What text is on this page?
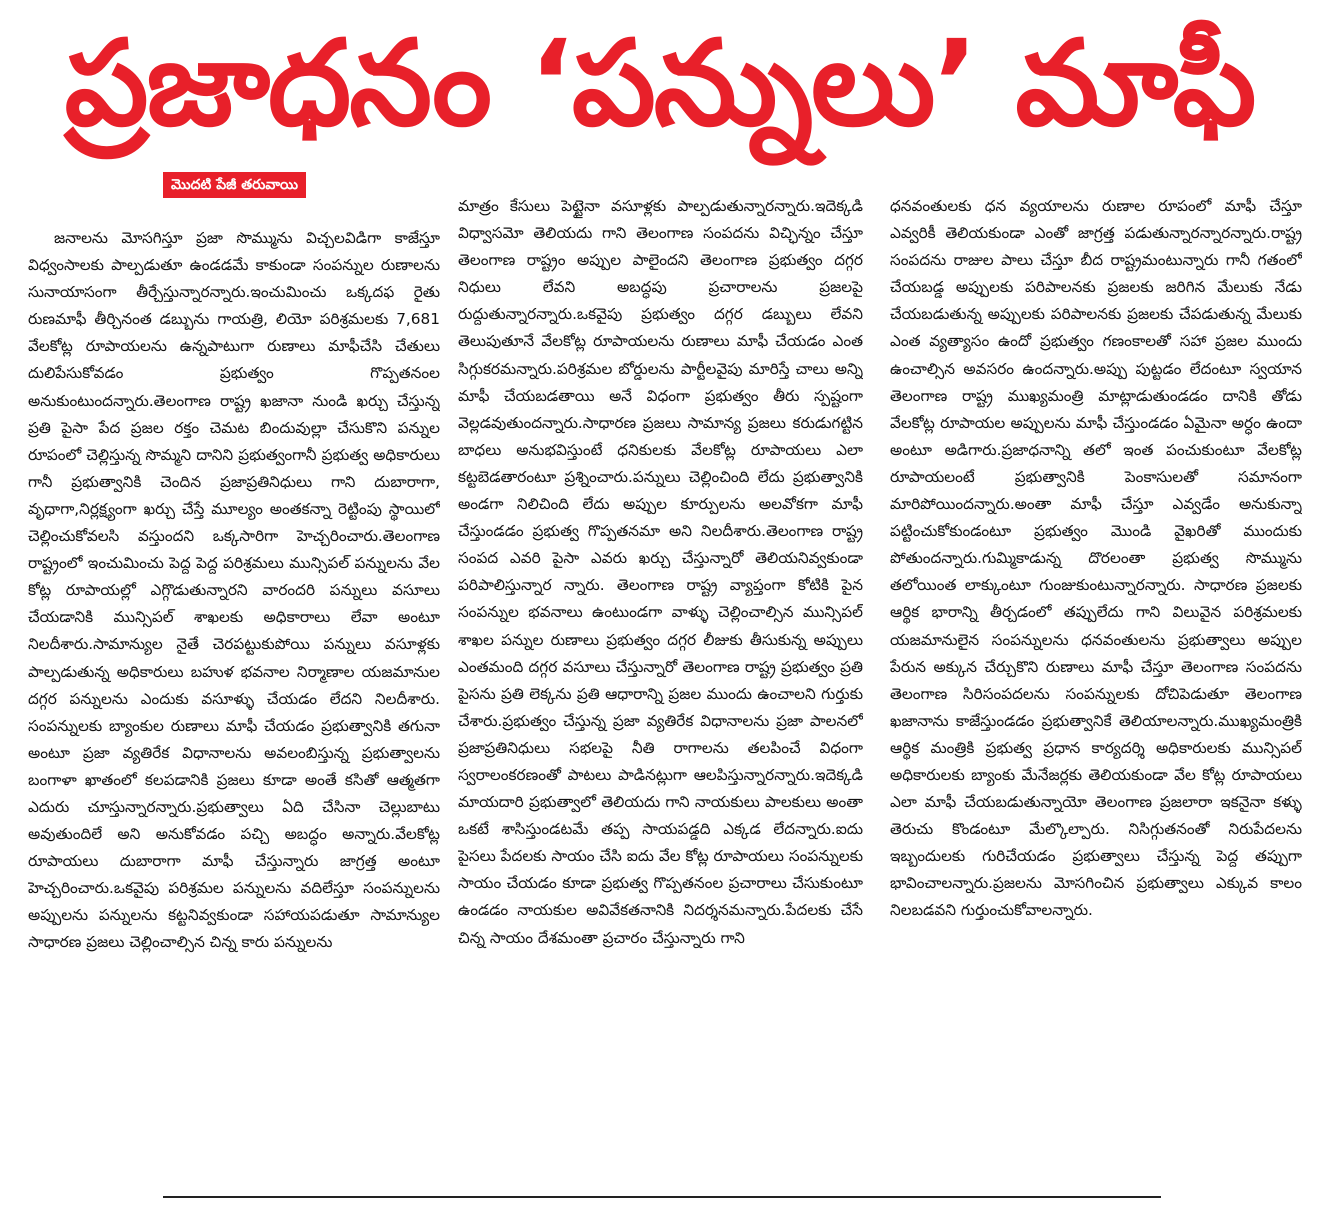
ప్రజాధనం ‘పన్నులు’ మాఫీ
మొదటి పేజీ తరువాయి

జనాలను మోసగిస్తూ ప్రజా సొమ్మును విచ్చలవిడిగా కాజేస్తూ విధ్వంసాలకు పాల్పడుతూ ఉండడమే కాకుండా సంపన్నుల రుణాలను సునాయాసంగా తీర్చేస్తున్నారన్నారు.ఇంచుమించు ఒక్కదఫ రైతు రుణమాఫీ తీర్చినంత డబ్బును గాయత్రి, లియో పరిశ్రమలకు 7,681 వేలకోట్ల రూపాయలను ఉన్నపాటుగా రుణాలు మాఫీచేసి చేతులు దులిపేసుకోవడం ప్రభుత్వం గొప్పతనంల అనుకుంటుందన్నారు.తెలంగాణ రాష్ట్ర ఖజానా నుండి ఖర్చు చేస్తున్న ప్రతి పైసా పేద ప్రజల రక్తం చెమట బిందువుల్లా చేసుకొని పన్నుల రూపంలో చెల్లిస్తున్న సొమ్మని దానిని ప్రభుత్వంగానీ ప్రభుత్వ అధికారులు గానీ ప్రభుత్వానికి చెందిన ప్రజాప్రతినిధులు గాని దుబారాగా, వృధాగా,నిర్లక్ష్యంగా ఖర్చు చేస్తే మూల్యం అంతకన్నా రెట్టింపు స్థాయిలో చెల్లించుకోవలసి వస్తుందని ఒక్కసారిగా హెచ్చరించారు.తెలంగాణ రాష్ట్రంలో ఇంచుమించు పెద్ద పెద్ద పరిశ్రమలు మున్సిపల్ పన్నులను వేల కోట్ల రూపాయల్లో ఎగ్గొడుతున్నారని వారందరి పన్నులు వసూలు చేయడానికి మున్సిపల్ శాఖలకు అధికారాలు లేవా అంటూ నిలదీశారు.సామాన్యుల నైతే చెరపట్టుకుపోయి పన్నులు వసూళ్లకు పాల్పడుతున్న అధికారులు బహుళ భవనాల నిర్మాణాల యజమానుల దగ్గర పన్నులను ఎందుకు వసూళ్ళు చేయడం లేదని నిలదీశారు. సంపన్నులకు బ్యాంకుల రుణాలు మాఫీ చేయడం ప్రభుత్వానికి తగునా అంటూ ప్రజా వ్యతిరేక విధానాలను అవలంబిస్తున్న ప్రభుత్వాలను బంగాళా ఖాతంలో కలపడానికి ప్రజలు కూడా అంతే కసితో ఆత్మతగా ఎదురు చూస్తున్నారన్నారు.ప్రభుత్వాలు ఏది చేసినా చెల్లుబాటు అవుతుందిలే అని అనుకోవడం పచ్చి అబద్ధం అన్నారు.వేలకోట్ల రూపాయలు దుబారాగా మాఫీ చేస్తున్నారు జాగ్రత్త అంటూ హెచ్చరించారు.ఒకవైపు పరిశ్రమల పన్నులను వదిలేస్తూ సంపన్నులను అప్పులను పన్నులను కట్టనివ్వకుండా సహాయపడుతూ సామాన్యుల సాధారణ ప్రజలు చెల్లించాల్సిన చిన్న కారు పన్నులను

మాత్రం కేసులు పెట్టైనా వసూళ్లకు పాల్పడుతున్నారన్నారు.ఇదెక్కడి విధ్వాసమో తెలియదు గాని తెలంగాణ సంపదను విచ్ఛిన్నం చేస్తూ తెలంగాణ రాష్ట్రం అప్పుల పాలైందని తెలంగాణ ప్రభుత్వం దగ్గర నిధులు లేవని అబద్ధపు ప్రచారాలను ప్రజలపై రుద్దుతున్నారన్నారు.ఒకవైపు ప్రభుత్వం దగ్గర డబ్బులు లేవని తెలుపుతూనే వేలకోట్ల రూపాయలను రుణాలు మాఫీ చేయడం ఎంత సిగ్గుకరమన్నారు.పరిశ్రమల బోర్డులను పార్టీలవైపు మారిస్తే చాలు అన్ని మాఫీ చేయబడతాయి అనే విధంగా ప్రభుత్వం తీరు స్పష్టంగా వెల్లడవుతుందన్నారు.సాధారణ ప్రజలు సామాన్య ప్రజలు కరుడుగట్టిన బాధలు అనుభవిస్తుంటే ధనికులకు వేలకోట్ల రూపాయలు ఎలా కట్టబెడతారంటూ ప్రశ్నించారు.పన్నులు చెల్లించింది లేదు ప్రభుత్వానికి అండగా నిలిచింది లేదు అప్పుల కూర్పులను అలవోకగా మాఫీ చేస్తుండడం ప్రభుత్వ గొప్పతనమా అని నిలదీశారు.తెలంగాణ రాష్ట్ర సంపద ఎవరి పైసా ఎవరు ఖర్చు చేస్తున్నారో తెలియనివ్వకుండా పరిపాలిస్తున్నార న్నారు. తెలంగాణ రాష్ట్ర వ్యాప్తంగా కోటికి పైన సంపన్నుల భవనాలు ఉంటుండగా వాళ్ళు చెల్లించాల్సిన మున్సిపల్ శాఖల పన్నుల రుణాలు ప్రభుత్వం దగ్గర లీజుకు తీసుకున్న అప్పులు ఎంతమంది దగ్గర వసూలు చేస్తున్నారో తెలంగాణ రాష్ట్ర ప్రభుత్వం ప్రతి పైసను ప్రతి లెక్కను ప్రతి ఆధారాన్ని ప్రజల ముందు ఉంచాలని గుర్తుకు చేశారు.ప్రభుత్వం చేస్తున్న ప్రజా వ్యతిరేక విధానాలను ప్రజా పాలనలో ప్రజాప్రతినిధులు సభలపై నీతి రాగాలను తలపించే విధంగా స్వరాలంకరణంతో పాటలు పాడినట్లుగా ఆలపిస్తున్నారన్నారు.ఇదెక్కడి మాయదారి ప్రభుత్వాలో తెలియదు గాని నాయకులు పాలకులు అంతా ఒకటే శాసిస్తుండటమే తప్ప సాయపడ్డది ఎక్కడ లేదన్నారు.ఐదు పైసలు పేదలకు సాయం చేసి ఐదు వేల కోట్ల రూపాయలు సంపన్నులకు సాయం చేయడం కూడా ప్రభుత్వ గొప్పతనంల ప్రచారాలు చేసుకుంటూ ఉండడం నాయకుల అవివేకతనానికి నిదర్శనమన్నారు.పేదలకు చేసే చిన్న సాయం దేశమంతా ప్రచారం చేస్తున్నారు గాని

ధనవంతులకు ధన వ్యయాలను రుణాల రూపంలో మాఫీ చేస్తూ ఎవ్వరికీ తెలియకుండా ఎంతో జాగ్రత్త పడుతున్నారన్నారన్నారు.రాష్ట్ర సంపదను రాజుల పాలు చేస్తూ బీద రాష్ట్రమంటున్నారు గానీ గతంలో చేయబడ్డ అప్పులకు పరిపాలనకు ప్రజలకు జరిగిన మేలుకు నేడు చేయబడుతున్న అప్పులకు పరిపాలనకు ప్రజలకు చేపడుతున్న మేలుకు ఎంత వ్యత్యాసం ఉందో ప్రభుత్వం గణంకాలతో సహా ప్రజల ముందు ఉంచాల్సిన అవసరం ఉందన్నారు.అప్పు పుట్టడం లేదంటూ స్వయాన తెలంగాణ రాష్ట్ర ముఖ్యమంత్రి మాట్లాడుతుండడం దానికి తోడు వేలకోట్ల రూపాయల అప్పులను మాఫీ చేస్తుండడం ఏమైనా అర్ధం ఉందా అంటూ అడిగారు.ప్రజాధనాన్ని తలో ఇంత పంచుకుంటూ వేలకోట్ల రూపాయలంటే ప్రభుత్వానికి పెంకాసులతో సమానంగా మారిపోయిందన్నారు.అంతా మాఫీ చేస్తూ ఎవ్వడేం అనుకున్నా పట్టించుకోకుండంటూ ప్రభుత్వం మొండి వైఖరితో ముందుకు పోతుందన్నారు.గుమ్మికాడున్న దొరలంతా ప్రభుత్వ సొమ్మును తలోయింత లాక్కుంటూ గుంజుకుంటున్నారన్నారు. సాధారణ ప్రజలకు ఆర్థిక భారాన్ని తీర్చడంలో తప్పులేదు గాని విలువైన పరిశ్రమలకు యజమానులైన సంపన్నులను ధనవంతులను ప్రభుత్వాలు అప్పుల పేరున అక్కున చేర్చుకొని రుణాలు మాఫీ చేస్తూ తెలంగాణ సంపదను తెలంగాణ సిరిసంపదలను సంపన్నులకు దోచిపెడుతూ తెలంగాణ ఖజానాను కాజేస్తుండడం ప్రభుత్వానికే తెలియాలన్నారు.ముఖ్యమంత్రికి ఆర్థిక మంత్రికి ప్రభుత్వ ప్రధాన కార్యదర్శి అధికారులకు మున్సిపల్ అధికారులకు బ్యాంకు మేనేజర్లకు తెలియకుండా వేల కోట్ల రూపాయలు ఎలా మాఫీ చేయబడుతున్నాయో తెలంగాణ ప్రజలారా ఇకనైనా కళ్ళు తెరుచు కొండంటూ మేల్కొల్పారు. నిసిగ్గుతనంతో నిరుపేదలను ఇబ్బందులకు గురిచేయడం ప్రభుత్వాలు చేస్తున్న పెద్ద తప్పుగా భావించాలన్నారు.ప్రజలను మోసగించిన ప్రభుత్వాలు ఎక్కువ కాలం నిలబడవని గుర్తుంచుకోవాలన్నారు.
